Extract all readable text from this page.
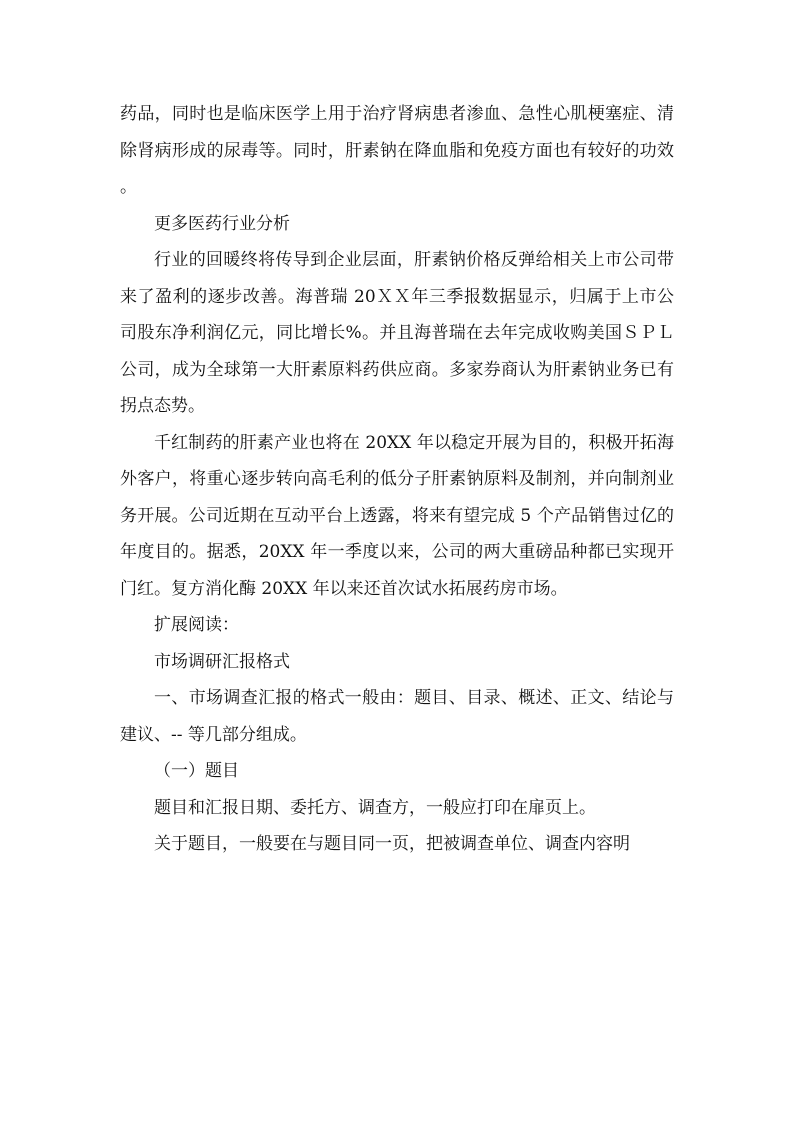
药品，同时也是临床医学上用于治疗肾病患者渗血、急性心肌梗塞症、清除肾病形成的尿毒等。同时，肝素钠在降血脂和免疫方面也有较好的功效。

更多医药行业分析

行业的回暖终将传导到企业层面，肝素钠价格反弹给相关上市公司带来了盈利的逐步改善。海普瑞 20ＸＸ年三季报数据显示，归属于上市公司股东净利润亿元，同比增长%。并且海普瑞在去年完成收购美国ＳＰＬ公司，成为全球第一大肝素原料药供应商。多家券商认为肝素钠业务已有拐点态势。

千红制药的肝素产业也将在 20XX 年以稳定开展为目的，积极开拓海外客户，将重心逐步转向高毛利的低分子肝素钠原料及制剂，并向制剂业务开展。公司近期在互动平台上透露，将来有望完成 5 个产品销售过亿的年度目的。据悉，20XX 年一季度以来，公司的两大重磅品种都已实现开门红。复方消化酶 20XX 年以来还首次试水拓展药房市场。

扩展阅读：

市场调研汇报格式

一、市场调查汇报的格式一般由：题目、目录、概述、正文、结论与建议、-- 等几部分组成。

（一）题目

题目和汇报日期、委托方、调查方，一般应打印在扉页上。

关于题目，一般要在与题目同一页，把被调查单位、调查内容明
